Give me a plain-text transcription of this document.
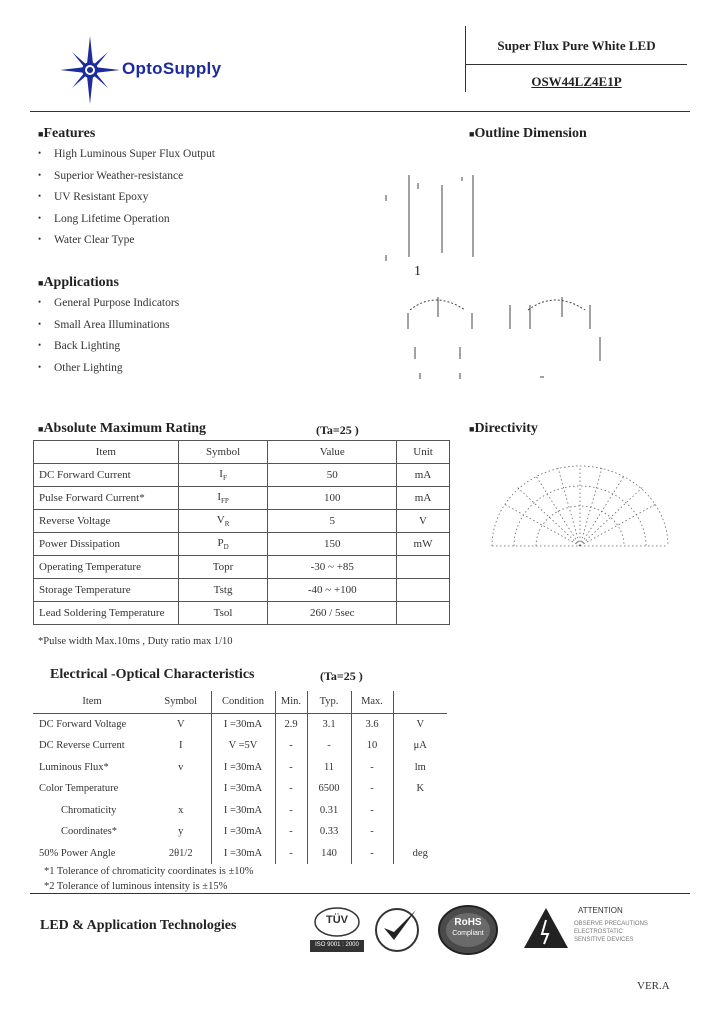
OptoSupply
Super Flux Pure White LED
OSW44LZ4E1P
■Features
• High Luminous Super Flux Output
• Superior Weather-resistance
• UV Resistant Epoxy
• Long Lifetime Operation
• Water Clear Type
■Outline Dimension
1
■Applications
• General Purpose Indicators
• Small Area Illuminations
• Back Lighting
• Other Lighting
■Absolute Maximum Rating	(Ta=25 )
Item	Symbol	Value	Unit
DC Forward Current	$I_F$	50	mA
Pulse Forward Current*	$I_{FP}$	100	mA
Reverse Voltage	$V_R$	5	V
Power Dissipation	$P_D$	150	mW
Operating Temperature	Topr	-30 ~ +85	
Storage Temperature	Tstg	-40 ~ +100	
Lead Soldering Temperature	Tsol	260 / 5sec	
*Pulse width Max.10ms , Duty ratio max 1/10
■Directivity
Electrical -Optical Characteristics	(Ta=25 )
Item	Symbol	Condition	Min.	Typ.	Max.	
DC Forward Voltage	V	I =30mA	2.9	3.1	3.6	V
DC Reverse Current	I	V =5V	-	-	10	μA
Luminous Flux*	v	I =30mA	-	11	-	lm
Color Temperature		I =30mA	-	6500	-	K
Chromaticity	x	I =30mA	-	0.31	-	
Coordinates*	y	I =30mA	-	0.33	-	
50% Power Angle	2θ1/2	I =30mA	-	140	-	deg
*1 Tolerance of chromaticity coordinates is ±10%
*2 Tolerance of luminous intensity is ±15%
LED & Application Technologies	TÜV
ISO 9001 : 2000
RoHS
Compliant
ATTENTION
OBSERVE PRECAUTIONS
ELECTROSTATIC
SENSITIVE DEVICES
VER.A
